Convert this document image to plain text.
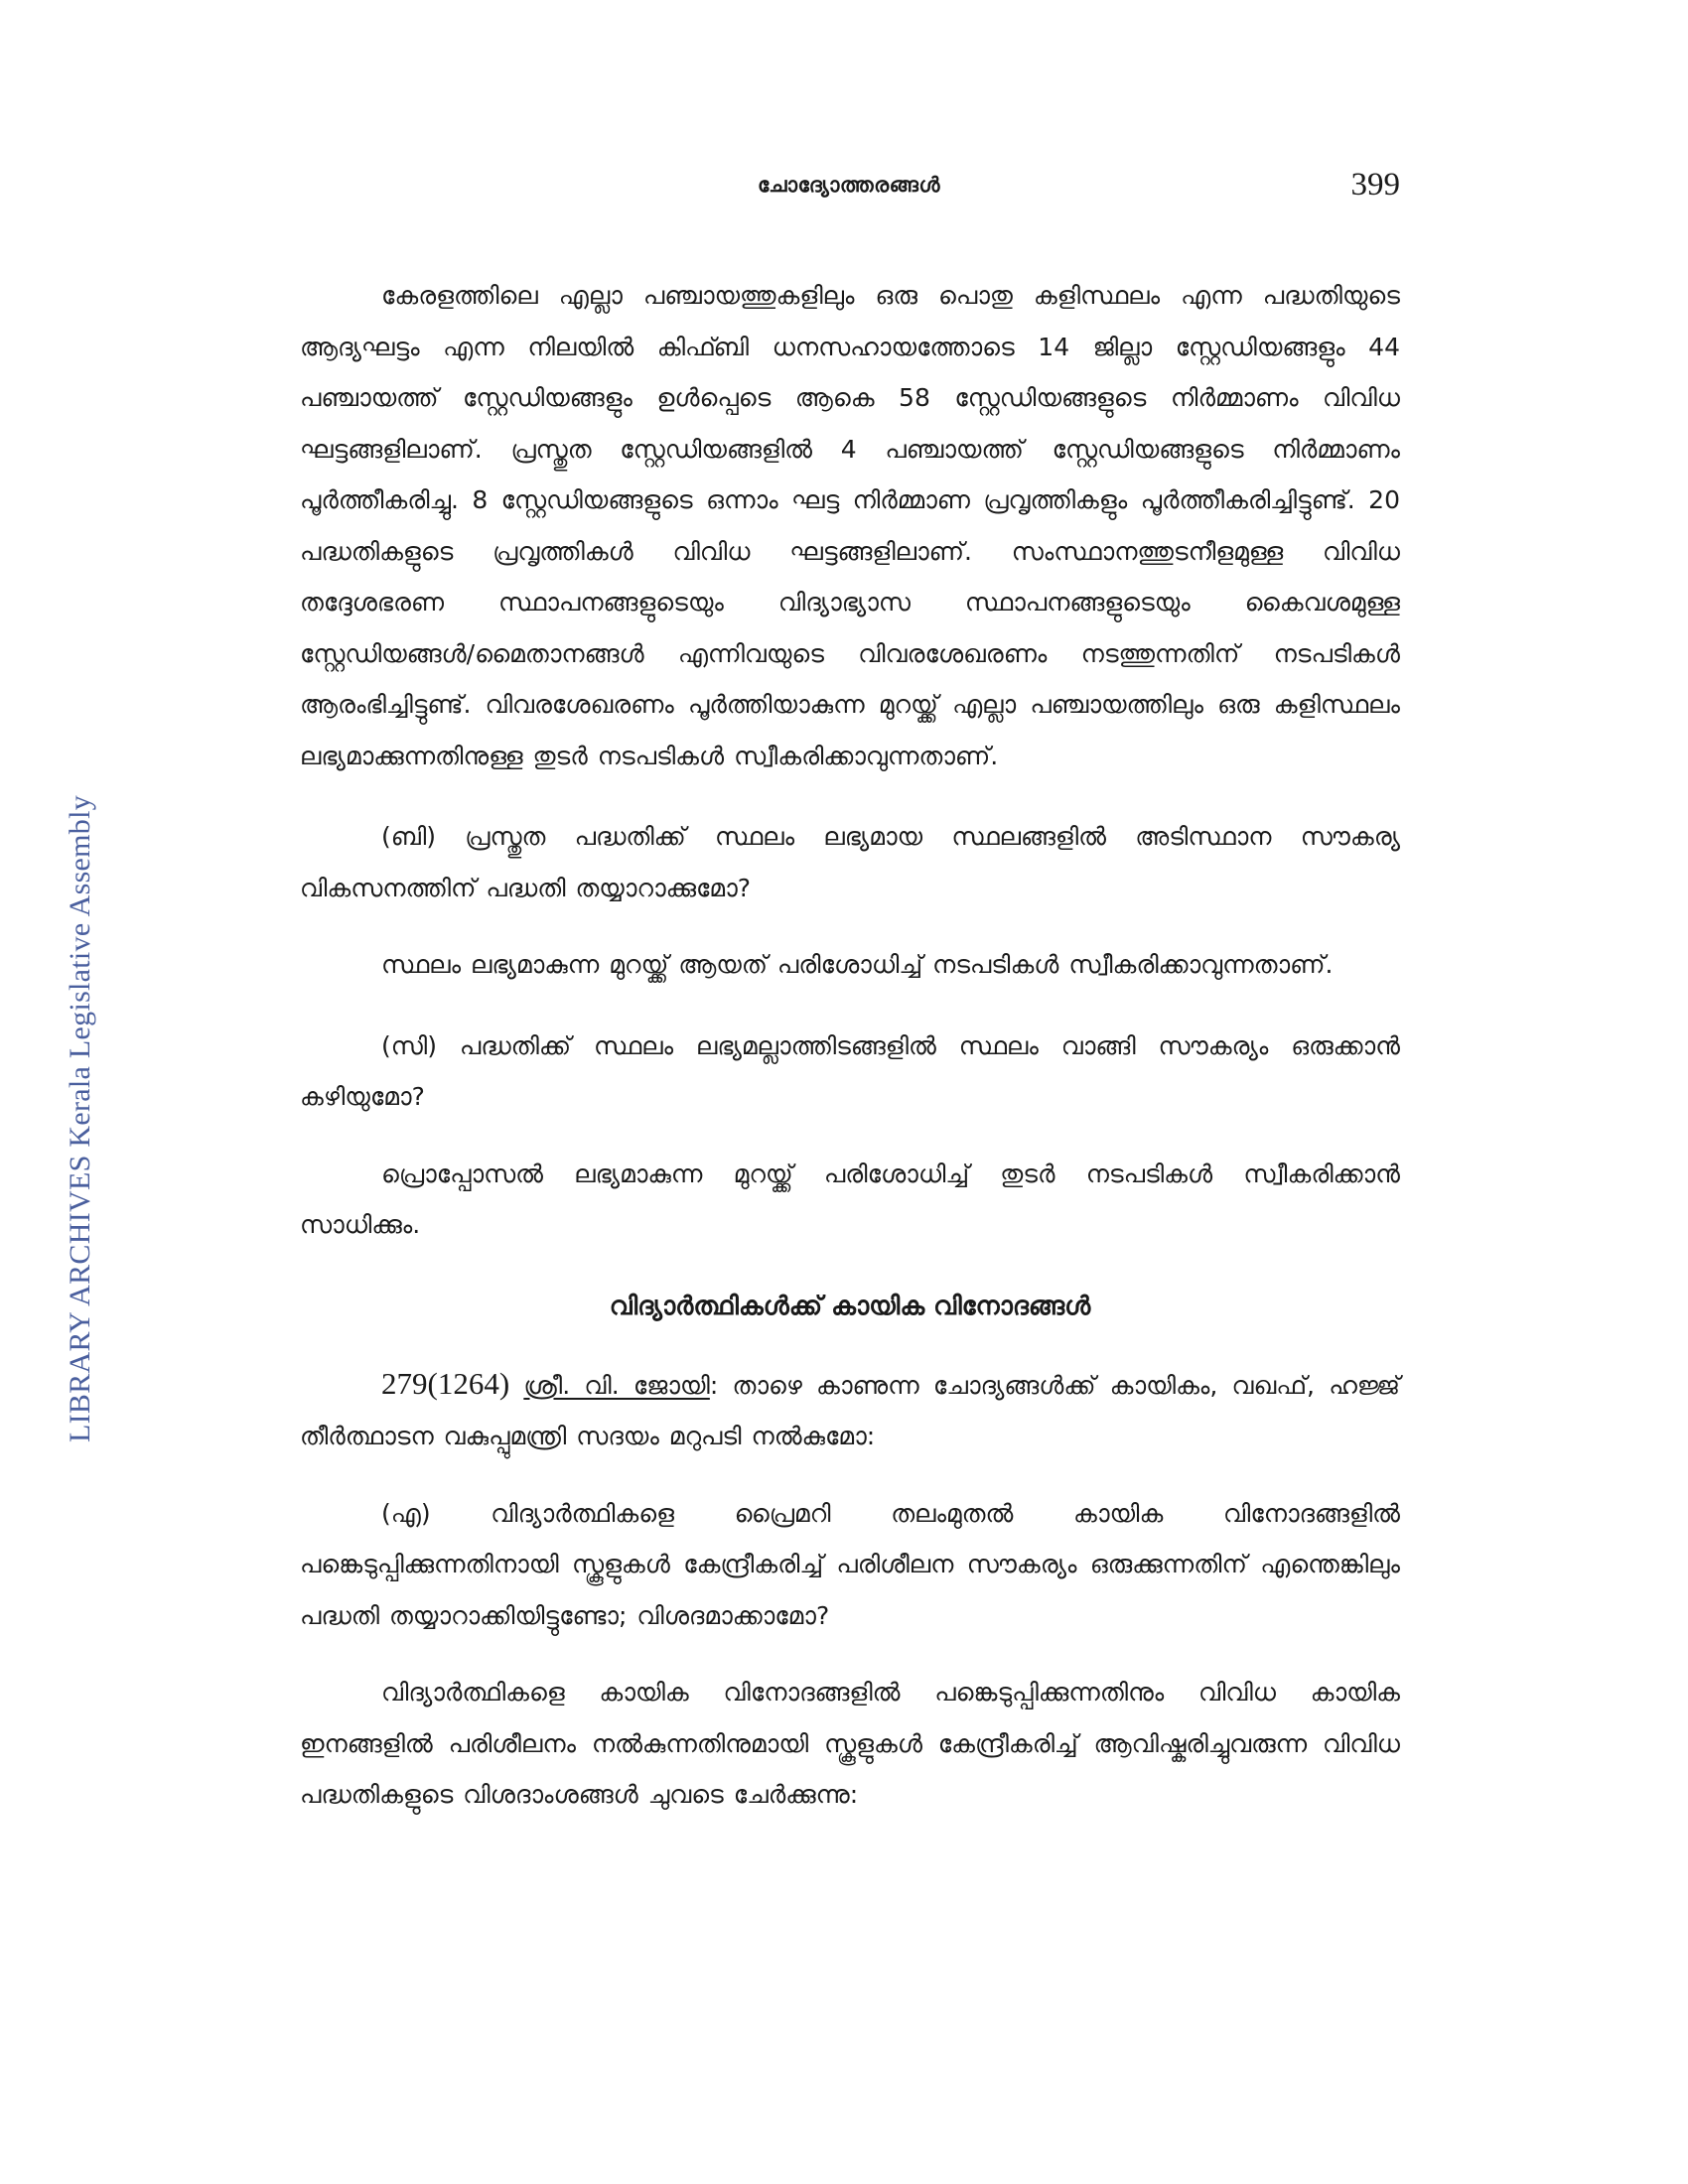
ചോദ്യോത്തരങ്ങൾ	399
LIBRARY ARCHIVES Kerala Legislative Assembly

കേരളത്തിലെ എല്ലാ പഞ്ചായത്തുകളിലും ഒരു പൊതു കളിസ്ഥലം എന്ന പദ്ധതിയുടെ ആദ്യഘട്ടം എന്ന നിലയിൽ കിഫ്ബി ധനസഹായത്തോടെ 14 ജില്ലാ സ്റ്റേഡിയങ്ങളും 44 പഞ്ചായത്ത് സ്റ്റേഡിയങ്ങളും ഉൾപ്പെടെ ആകെ 58 സ്റ്റേഡിയങ്ങളുടെ നിർമ്മാണം വിവിധ ഘട്ടങ്ങളിലാണ്. പ്രസ്തുത സ്റ്റേഡിയങ്ങളിൽ 4 പഞ്ചായത്ത് സ്റ്റേഡിയങ്ങളുടെ നിർമ്മാണം പൂർത്തീകരിച്ചു. 8 സ്റ്റേഡിയങ്ങളുടെ ഒന്നാം ഘട്ട നിർമ്മാണ പ്രവൃത്തികളും പൂർത്തീകരിച്ചിട്ടുണ്ട്. 20 പദ്ധതികളുടെ പ്രവൃത്തികൾ വിവിധ ഘട്ടങ്ങളിലാണ്. സംസ്ഥാനത്തുടനീളമുള്ള വിവിധ തദ്ദേശഭരണ സ്ഥാപനങ്ങളുടെയും വിദ്യാഭ്യാസ സ്ഥാപനങ്ങളുടെയും കൈവശമുള്ള സ്റ്റേഡിയങ്ങൾ/മൈതാനങ്ങൾ എന്നിവയുടെ വിവരശേഖരണം നടത്തുന്നതിന് നടപടികൾ ആരംഭിച്ചിട്ടുണ്ട്. വിവരശേഖരണം പൂർത്തിയാകുന്ന മുറയ്ക്ക് എല്ലാ പഞ്ചായത്തിലും ഒരു കളിസ്ഥലം ലഭ്യമാക്കുന്നതിനുള്ള തുടർ നടപടികൾ സ്വീകരിക്കാവുന്നതാണ്.

(ബി) പ്രസ്തുത പദ്ധതിക്ക് സ്ഥലം ലഭ്യമായ സ്ഥലങ്ങളിൽ അടിസ്ഥാന സൗകര്യ വികസനത്തിന് പദ്ധതി തയ്യാറാക്കുമോ?

സ്ഥലം ലഭ്യമാകുന്ന മുറയ്ക്ക് ആയത് പരിശോധിച്ച് നടപടികൾ സ്വീകരിക്കാവുന്നതാണ്.

(സി) പദ്ധതിക്ക് സ്ഥലം ലഭ്യമല്ലാത്തിടങ്ങളിൽ സ്ഥലം വാങ്ങി സൗകര്യം ഒരുക്കാൻ കഴിയുമോ?

പ്രൊപ്പോസൽ ലഭ്യമാകുന്ന മുറയ്ക്ക് പരിശോധിച്ച് തുടർ നടപടികൾ സ്വീകരിക്കാൻ സാധിക്കും.

വിദ്യാർത്ഥികൾക്ക് കായിക വിനോദങ്ങൾ

279(1264) ശ്രീ. വി. ജോയി: താഴെ കാണുന്ന ചോദ്യങ്ങൾക്ക് കായികം, വഖഫ്, ഹജ്ജ് തീർത്ഥാടന വകുപ്പുമന്ത്രി സദയം മറുപടി നൽകുമോ:

(എ) വിദ്യാർത്ഥികളെ പ്രൈമറി തലംമുതൽ കായിക വിനോദങ്ങളിൽ പങ്കെടുപ്പിക്കുന്നതിനായി സ്കൂളുകൾ കേന്ദ്രീകരിച്ച് പരിശീലന സൗകര്യം ഒരുക്കുന്നതിന് എന്തെങ്കിലും പദ്ധതി തയ്യാറാക്കിയിട്ടുണ്ടോ; വിശദമാക്കാമോ?

വിദ്യാർത്ഥികളെ കായിക വിനോദങ്ങളിൽ പങ്കെടുപ്പിക്കുന്നതിനും വിവിധ കായിക ഇനങ്ങളിൽ പരിശീലനം നൽകുന്നതിനുമായി സ്കൂളുകൾ കേന്ദ്രീകരിച്ച് ആവിഷ്കരിച്ചുവരുന്ന വിവിധ പദ്ധതികളുടെ വിശദാംശങ്ങൾ ചുവടെ ചേർക്കുന്നു:
